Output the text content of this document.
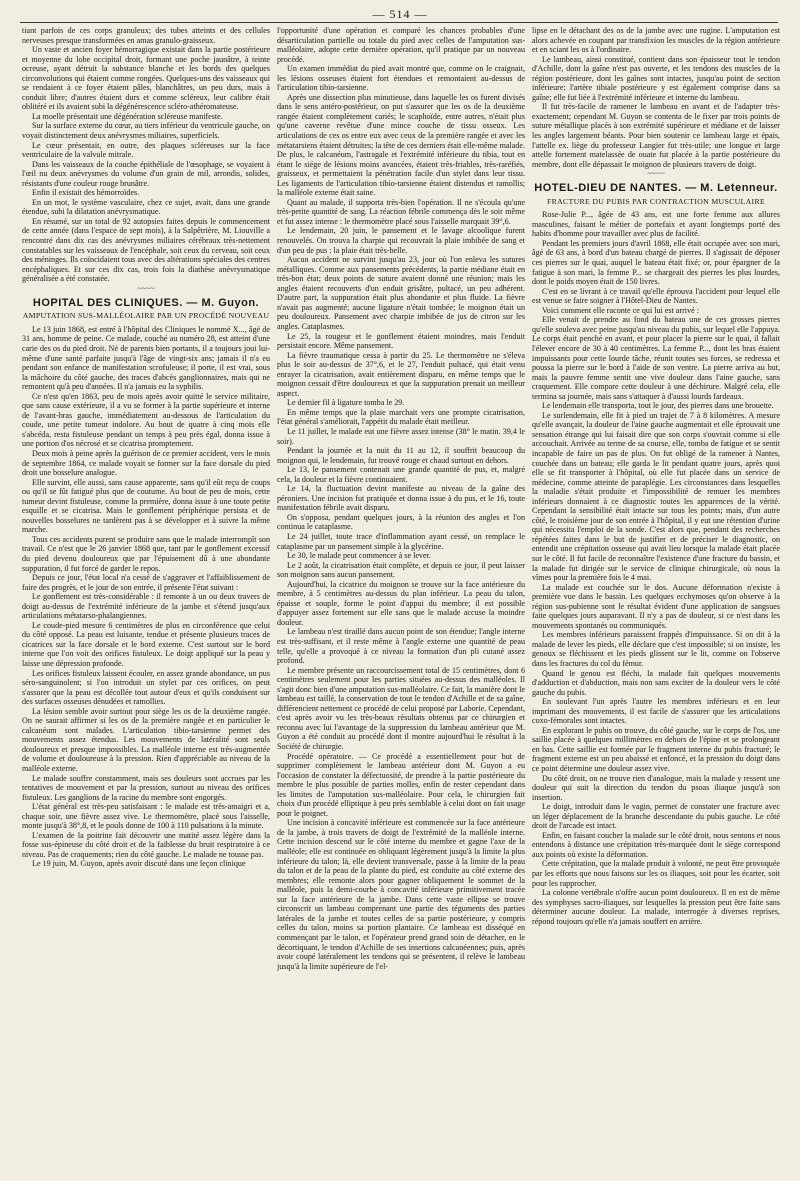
— 514 —

tiant parfois de ces corps granuleux; des tubes atteints et des cellules nerveuses presque transformées en amas granulo-graisseux.

Un vaste et ancien foyer hémorragique existait dans la partie postérieure et moyenne du lobe occipital droit, formant une poche jaunâtre, à teinte ocreuse, ayant détruit la substance blanche et les bords des quelques circonvolutions qui étaient comme rongées. Quelques-uns des vaisseaux qui se rendaient à ce foyer étaient pâles, blanchâtres, un peu durs, mais à conduit libre; d'autres étaient durs et comme scléreux, leur calibre était oblitéré et ils avaient subi la dégénérescence scléro-athéromateuse.

La moelle présentait une dégénération scléreuse manifeste.

Sur la surface externe du cœur, au tiers inférieur du ventricule gauche, on voyait distinctement deux anévrysmes miliaires, superficiels.

Le cœur présentait, en outre, des plaques scléreuses sur la face ventriculaire de la valvule mitrale.

Dans les vaisseaux de la couche épithéliale de l'œsophage, se voyaient à l'œil nu deux anévrysmes du volume d'un grain de mil, arrondis, solides, résistants d'une couleur rouge brunâtre.

Enfin il existait des hémorroïdes.

En un mot, le système vasculaire, chez ce sujet, avait, dans une grande étendue, subi la dilatation anévrysmatique.

En résumé, sur un total de 92 autopsies faites depuis le commencement de cette année (dans l'espace de sept mois), à la Salpêtrière, M. Liouville a rencontré dans dix cas des anévrysmes miliaires cérébraux très-nettement constatables sur les vaisseaux de l'encéphale, soit ceux du cerveau, soit ceux des méninges. Ils coïncidaient tous avec des altérations spéciales des centres encéphaliques. Et sur ces dix cas, trois fois la diathèse anévrysmatique généralisée a été constatée.

~~~~
HOPITAL DES CLINIQUES. — M. Guyon.
AMPUTATION SUS-MALLÉOLAIRE PAR UN PROCÉDÉ NOUVEAU

Le 13 juin 1868, est entré à l'hôpital des Cliniques le nommé X..., âgé de 31 ans, homme de peine. Ce malade, couché au numéro 28, est atteint d'une carie des os du pied droit. Né de parents bien portants, il a toujours joui lui-même d'une santé parfaite jusqu'à l'âge de vingt-six ans; jamais il n'a eu pendant son enfance de manifestation scrofuleuse; il porte, il est vrai, sous la mâchoire du côté gauche, des traces d'abcès ganglionnaires, mais qui ne remontent qu'à peu d'années. Il n'a jamais eu la syphilis.

Ce n'est qu'en 1863, peu de mois après avoir quitté le service militaire, que sans cause extérieure, il a vu se former à la partie supérieure et interne de l'avant-bras gauche, immédiatement au-dessous de l'articulation du coude, une petite tumeur indolore. Au bout de quatre à cinq mois elle s'abcéda, resta fistuleuse pendant un temps à peu près égal, donna issue à une portion d'os nécrosé et se cicatrisa promptement.

Deux mois à peine après la guérison de ce premier accident, vers le mois de septembre 1864, ce malade voyait se former sur la face dorsale du pied droit une bosselure analogue.

Elle survint, elle aussi, sans cause apparente, sans qu'il eût reçu de coups ou qu'il se fût fatigué plus que de coutume. Au bout de peu de mois, cette tumeur devint fistuleuse, comme la première, donna issue à une toute petite esquille et se cicatrisa. Mais le gonflement périphérique persista et de nouvelles bosselures ne tardèrent pas à se développer et à suivre la même marche.

Tous ces accidents purent se produire sans que le malade interrompît son travail. Ce n'est que le 26 janvier 1868 que, tant par le gonflement excessif du pied devenu douloureux que par l'épuisement dû à une abondante suppuration, il fut forcé de garder le repos.

Depuis ce jour, l'état local n'a cessé de s'aggraver et l'affaiblissement de faire des progrès, et le jour de son entrée, il présente l'état suivant :

Le gonflement est très-considérable : il remonte à un ou deux travers de doigt au-dessus de l'extrémité inférieure de la jambe et s'étend jusqu'aux articulations métatarso-phalangiennes.

Le coude-pied mesure 6 centimètres de plus en circonférence que celui du côté opposé. La peau est luisante, tendue et présente plusieurs traces de cicatrices sur la face dorsale et le bord externe. C'est surtout sur le bord interne que l'on voit des orifices fistuleux. Le doigt appliqué sur la peau y laisse une dépression profonde.

Les orifices fistuleux laissent écouler, en assez grande abondance, un pus séro-sanguinolent; si l'on introduit un stylet par ces orifices, on peut s'assurer que la peau est décollée tout autour d'eux et qu'ils conduisent sur des surfaces osseuses dénudées et ramollies.

La lésion semble avoir surtout pour siège les os de la deuxième rangée. On ne saurait affirmer si les os de la première rangée et en particulier le calcanéum sont malades. L'articulation tibio-tarsienne permet des mouvements assez étendus. Les mouvements de latéralité sont seuls douloureux et presque impossibles. La malléole interne est très-augmentée de volume et douloureuse à la pression. Rien d'appréciable au niveau de la malléole externe.

Le malade souffre constamment, mais ses douleurs sont accrues par les tentatives de mouvement et par la pression, surtout au niveau des orifices fistuleux. Les ganglions de la racine du membre sont engorgés.

L'état général est très-peu satisfaisant : le malade est très-amaigri et a, chaque soir, une fièvre assez vive. Le thermomètre, placé sous l'aisselle, monte jusqu'à 38°,8, et le pouls donne de 100 à 110 pulsations à la minute.

L'examen de la poitrine fait découvrir une matité assez légère dans la fosse sus-épineuse du côté droit et de la faiblesse du bruit respiratoire à ce niveau. Pas de craquements; rien du côté gauche. Le malade ne tousse pas.

Le 19 juin, M. Guyon, après avoir discuté dans une leçon clinique

l'opportunité d'une opération et comparé les chances probables d'une désarticulation partielle ou totale du pied avec celles de l'amputation sus-malléolaire, adopte cette dernière opération, qu'il pratique par un nouveau procédé.

Un examen immédiat du pied avait montré que, comme on le craignait, les lésions osseuses étaient fort étendues et remontaient au-dessus de l'articulation tibio-tarsienne.

Après une dissection plus minutieuse, dans laquelle les os furent divisés dans le sens antéro-postérieur, on put s'assurer que les os de la deuxième rangée étaient complètement cariés; le scaphoïde, entre autres, n'était plus qu'une caverne revêtue d'une mince couche de tissu osseux. Les articulations de ces os entre eux avec ceux de la première rangée et avec les métatarsiens étaient détruites; la tête de ces derniers était elle-même malade. De plus, le calcanéum, l'astragale et l'extrémité inférieure du tibia, tout en étant le siége de lésions moins avancées, étaient très-friables, très-raréfiés, graisseux, et permettaient la pénétration facile d'un stylet dans leur tissu. Les ligaments de l'articulation tibio-tarsienne étaient distendus et ramollis; la malléole externe était saine.

Quant au malade, il supporta très-bien l'opération. Il ne s'écoula qu'une très-petite quantité de sang. La réaction fébrile commença dès le soir même et fut assez intense : le thermomètre placé sous l'aisselle marquait 39°,6.

Le lendemain, 20 juin, le pansement et le lavage alcoolique furent renouvelés. On trouva la charpie qui recouvrait la plaie imbibée de sang et d'un peu de pus : la plaie était très-belle.

Aucun accident ne survint jusqu'au 23, jour où l'on enleva les sutures métalliques. Comme aux pansements précédents, la partie médiane était en très-bon état; deux points de suture avaient donné une réunion; mais les angles étaient recouverts d'un enduit grisâtre, pultacé, un peu adhérent. D'autre part, la suppuration était plus abondante et plus fluide. La fièvre n'avait pas augmenté; aucune ligature n'était tombée; le moignon était un peu douloureux. Pansement avec charpie imbibée de jus de citron sur les angles. Cataplasmes.

Le 25, la rougeur et le gonflement étaient moindres, mais l'enduit persistait encore. Même pansement.

La fièvre traumatique cessa à partir du 25. Le thermomètre ne s'éleva plus le soir au-dessus de 37°,6, et le 27, l'enduit pultacé, qui était venu enrayer la cicatrisation, avait entièrement disparu, en même temps que le moignon cessait d'être douloureux et que la suppuration prenait un meilleur aspect.

Le dernier fil à ligature tomba le 29.

En même temps que la plaie marchait vers une prompte cicatrisation, l'état général s'améliorait, l'appétit du malade était meilleur.

Le 11 juillet, le malade eut une fièvre assez intense (38° le matin. 39,4 le soir).

Pendant la journée et la nuit du 11 au 12, il souffrit beaucoup du moignon qui, le lendemain, fut trouvé rouge et chaud surtout en dehors.

Le 13, le pansement contenait une grande quantité de pus, et, malgré cela, la douleur et la fièvre continuaient.

Le 14, la fluctuation devint manifeste au niveau de la gaîne des péroniers. Une incision fut pratiquée et donna issue à du pus, et le 16, toute manifestation fébrile avait disparu.

On s'opposa, pendant quelques jours, à la réunion des angles et l'on continua le cataplasme.

Le 24 juillet, toute trace d'inflammation ayant cessé, on remplace le cataplasme par un pansement simple à la glycérine.

Le 30, le malade peut commencer à se lever.

Le 2 août, la cicatrisation était complète, et depuis ce jour, il peut laisser son moignon sans aucun pansement.

Aujourd'hui, la cicatrice du moignon se trouve sur la face antérieure du membre, à 5 centimètres au-dessus du plan inférieur. La peau du talon, épaisse et souple, forme le point d'appui du membre; il est possible d'appuyer assez fortement sur elle sans que le malade accuse la moindre douleur.

Le lambeau n'est tiraillé dans aucun point de son étendue; l'angle interne est très-suffisant, et il reste même à l'angle externe une quantité de peau telle, qu'elle a provoqué à ce niveau la formation d'un pli cutané assez profond.

Le membre présente un raccourcissement total de 15 centimètres, dont 6 centimètres seulement pour les parties situées au-dessus des malléoles. Il s'agit donc bien d'une amputation sus-malléolaire. Ce fait, la manière dont le lambeau est taillé, la conservation de tout le tendon d'Achille et de sa gaîne, différencient nettement ce procédé de celui proposé par Laborie. Cependant, c'est après avoir vu les très-beaux résultats obtenus par ce chirurgien et reconnu avec lui l'avantage de la suppression du lambeau antérieur que M. Guyon a été conduit au procédé dont il montre aujourd'hui le résultat à la Société de chirurgie.

Procédé opératoire. — Ce procédé a essentiellement pour but de supprimer complètement le lambeau antérieur dont M. Guyon a eu l'occasion de constater la défectuosité, de prendre à la partie postérieure du membre le plus possible de parties molles, enfin de rester cependant dans les limites de l'amputation sus-malléolaire. Pour cela, le chirurgien fait choix d'un procédé elliptique à peu près semblable à celui dont on fait usage pour le poignet.

Une incision à concavité inférieure est commencée sur la face antérieure de la jambe, à trois travers de doigt de l'extrémité de la malléole interne. Cette incision descend sur le côté interne du membre et gagne l'axe de la malléole; elle est continuée en obliquant légèrement jusqu'à la limite la plus inférieure du talon; là, elle devient transversale, passe à la limite de la peau du talon et de la peau de la plante du pied, est conduite au côté externe des membres; elle remonte alors pour gagner obliquement le sommet de la malléole, puis la demi-courbe à concavité inférieure primitivement tracée sur la face antérieure de la jambe. Dans cette vaste ellipse se trouve circonscrit un lambeau comprenant une partie des téguments des parties latérales de la jambe et toutes celles de sa partie postérieure, y compris celles du talon, moins sa portion plantaire. Ce lambeau est disséqué en commençant par le talon, et l'opérateur prend grand soin de détacher, en le décortiquant, le tendon d'Achille de ses insertions calcanéennes; puis, après avoir coupé latéralement les tendons qui se présentent, il relève le lambeau jusqu'à la limite supérieure de l'el-

lipse en le détachant des os de la jambe avec une rugine. L'amputation est alors achevée en coupant par transfixion les muscles de la région antérieure et en sciant les os à l'ordinaire.

Le lambeau, ainsi constitué, contient dans son épaisseur tout le tendon d'Achille, dont la gaîne n'est pas ouverte, et les tendons des muscles de la région postérieure, dont les gaînes sont intactes, jusqu'au point de section inférieure; l'artère tibiale postérieure y est également comprise dans sa gaîne; elle fut liée à l'extrémité inférieure et interne du lambeau.

Il fut très-facile de ramener le lambeau en avant et de l'adapter très-exactement; cependant M. Guyon se contenta de le fixer par trois points de suture métallique placés à son extrémité supérieure et médiane et de laisser les angles largement béants. Pour bien soutenir ce lambeau large et épais, l'attelle ex. liège du professeur Langier fut très-utile; une longue et large attelle fortement matelassée de ouate fut placée à la partie postérieure du membre, dont elle dépassait le moignon de plusieurs travers de doigt.

~~~~
HOTEL-DIEU DE NANTES. — M. Letenneur.
FRACTURE DU PUBIS PAR CONTRACTION MUSCULAIRE

Rose-Julie P..., âgée de 43 ans, est une forte femme aux allures masculines, faisant le métier de portefaix et ayant longtemps porté des habits d'homme pour travailler avec plus de facilité.

Pendant les premiers jours d'avril 1868, elle était occupée avec son mari, âgé de 63 ans, à bord d'un bateau chargé de pierres. Il s'agissait de déposer ces pierres sur le quai, auquel le bateau était fixé; or, pour épargner de la fatigue à son mari, la femme P... se chargeait des pierres les plus lourdes, dont le poids moyen était de 150 livres.

C'est en se livrant à ce travail qu'elle éprouva l'accident pour lequel elle est venue se faire soigner à l'Hôtel-Dieu de Nantes.

Voici comment elle raconte ce qui lui est arrivé :

Elle venait de prendre au fond du bateau une de ces grosses pierres qu'elle souleva avec peine jusqu'au niveau du pubis, sur lequel elle l'appuya. Le corps était penché en avant, et pour placer la pierre sur le quai, il fallait l'élever encore de 30 à 40 centimètres. La femme P..., dont les bras étaient impuissants pour cette lourde tâche, réunit toutes ses forces, se redressa et poussa la pierre sur le bord à l'aide de son ventre. La pierre arriva au but, mais la pauvre femme sentit une vive douleur dans l'aine gauche, sans craquement. Elle compare cette douleur à une déchirure. Malgré cela, elle termina sa journée, mais sans s'attaquer à d'aussi lourds fardeaux.

Le lendemain elle transporta, tout le jour, des pierres dans une brouette.

Le surlendemain, elle fit à pied un trajet de 7 à 8 kilomètres. A mesure qu'elle avançait, la douleur de l'aine gauche augmentait et elle éprouvait une sensation étrange qui lui faisait dire que son corps s'ouvrait comme si elle accouchait. Arrivée au terme de sa course, elle, tomba de fatigue et se sentit incapable de faire un pas de plus. On fut obligé de la ramener à Nantes, couchée dans un bateau; elle garda le lit pendant quatre jours, après quoi elle se fit transporter à l'hôpital, où elle fut placée dans un service de médecine, comme atteinte de paraplégie. Les circonstances dans lesquelles la maladie s'était produite et l'impossibilité de remuer les membres inférieurs donnaient à ce diagnostic toutes les apparences de la vérité. Cependant la sensibilité était intacte sur tous les points; mais, d'un autre côté, le troisième jour de son entrée à l'hôpital, il y eut une rétention d'urine qui nécessita l'emploi de la sonde. C'est alors que, pendant des recherches répétées faites dans le but de justifier et de préciser le diagnostic, on entendit une crépitation osseuse qui avait lieu lorsque la malade était placée sur le côté. Il fut facile de reconnaître l'existence d'une fracture du bassin, et la malade fut dirigée sur le service de clinique chirurgicale, où nous la vîmes pour la première fois le 4 mai.

La malade est couchée sur le dos. Aucune déformation n'existe à première vue dans le bassin. Les quelques ecchymoses qu'on observe à la région sus-pubienne sont le résultat évident d'une application de sangsues faite quelques jours auparavant. Il n'y a pas de douleur, si ce n'est dans les mouvements spontanés ou communiqués.

Les membres inférieurs paraissent frappés d'impuissance. Si on dit à la malade de lever les pieds, elle déclare que c'est impossible; si on insiste, les genoux se fléchissent et les pieds glissent sur le lit, comme on l'observe dans les fractures du col du fémur.

Quand le genou est fléchi, la malade fait quelques mouvements d'adduction et d'abduction, mais non sans exciter de la douleur vers le côté gauche du pubis.

En soulevant l'un après l'autre les membres inférieurs et en leur imprimant des mouvements, il est facile de s'assurer que les articulations coxo-fémorales sont intactes.

En explorant le pubis on trouve, du côté gauche, sur le corps de l'os, une saillie placée à quelques millimètres en dehors de l'épine et se prolongeant en bas. Cette saillie est formée par le fragment interne du pubis fracturé; le fragment externe est un peu abaissé et enfoncé, et la pression du doigt dans ce point détermine une douleur assez vive.

Du côté droit, on ne trouve rien d'analogue, mais la malade y ressent une douleur qui suit la direction du tendon du psoas iliaque jusqu'à son insertion.

Le doigt, introduit dans le vagin, permet de constater une fracture avec un léger déplacement de la branche descendante du pubis gauche. Le côté droit de l'arcade est intact.

Enfin, en faisant coucher la malade sur le côté droit, nous sentons et nous entendons à distance une crépitation très-marquée dont le siège correspond aux points où existe la déformation.

Cette crépitation, que la malade produit à volonté, ne peut être provoquée par les efforts que nous faisons sur les os iliaques, soit pour les écarter, soit pour les rapprocher.

La colonne vertébrale n'offre aucun point douloureux. Il en est de même des symphyses sacro-iliaques, sur lesquelles la pression peut être faite sans déterminer aucune douleur. La malade, interrogée à diverses reprises, répond toujours qu'elle n'a jamais souffert en arrière.
